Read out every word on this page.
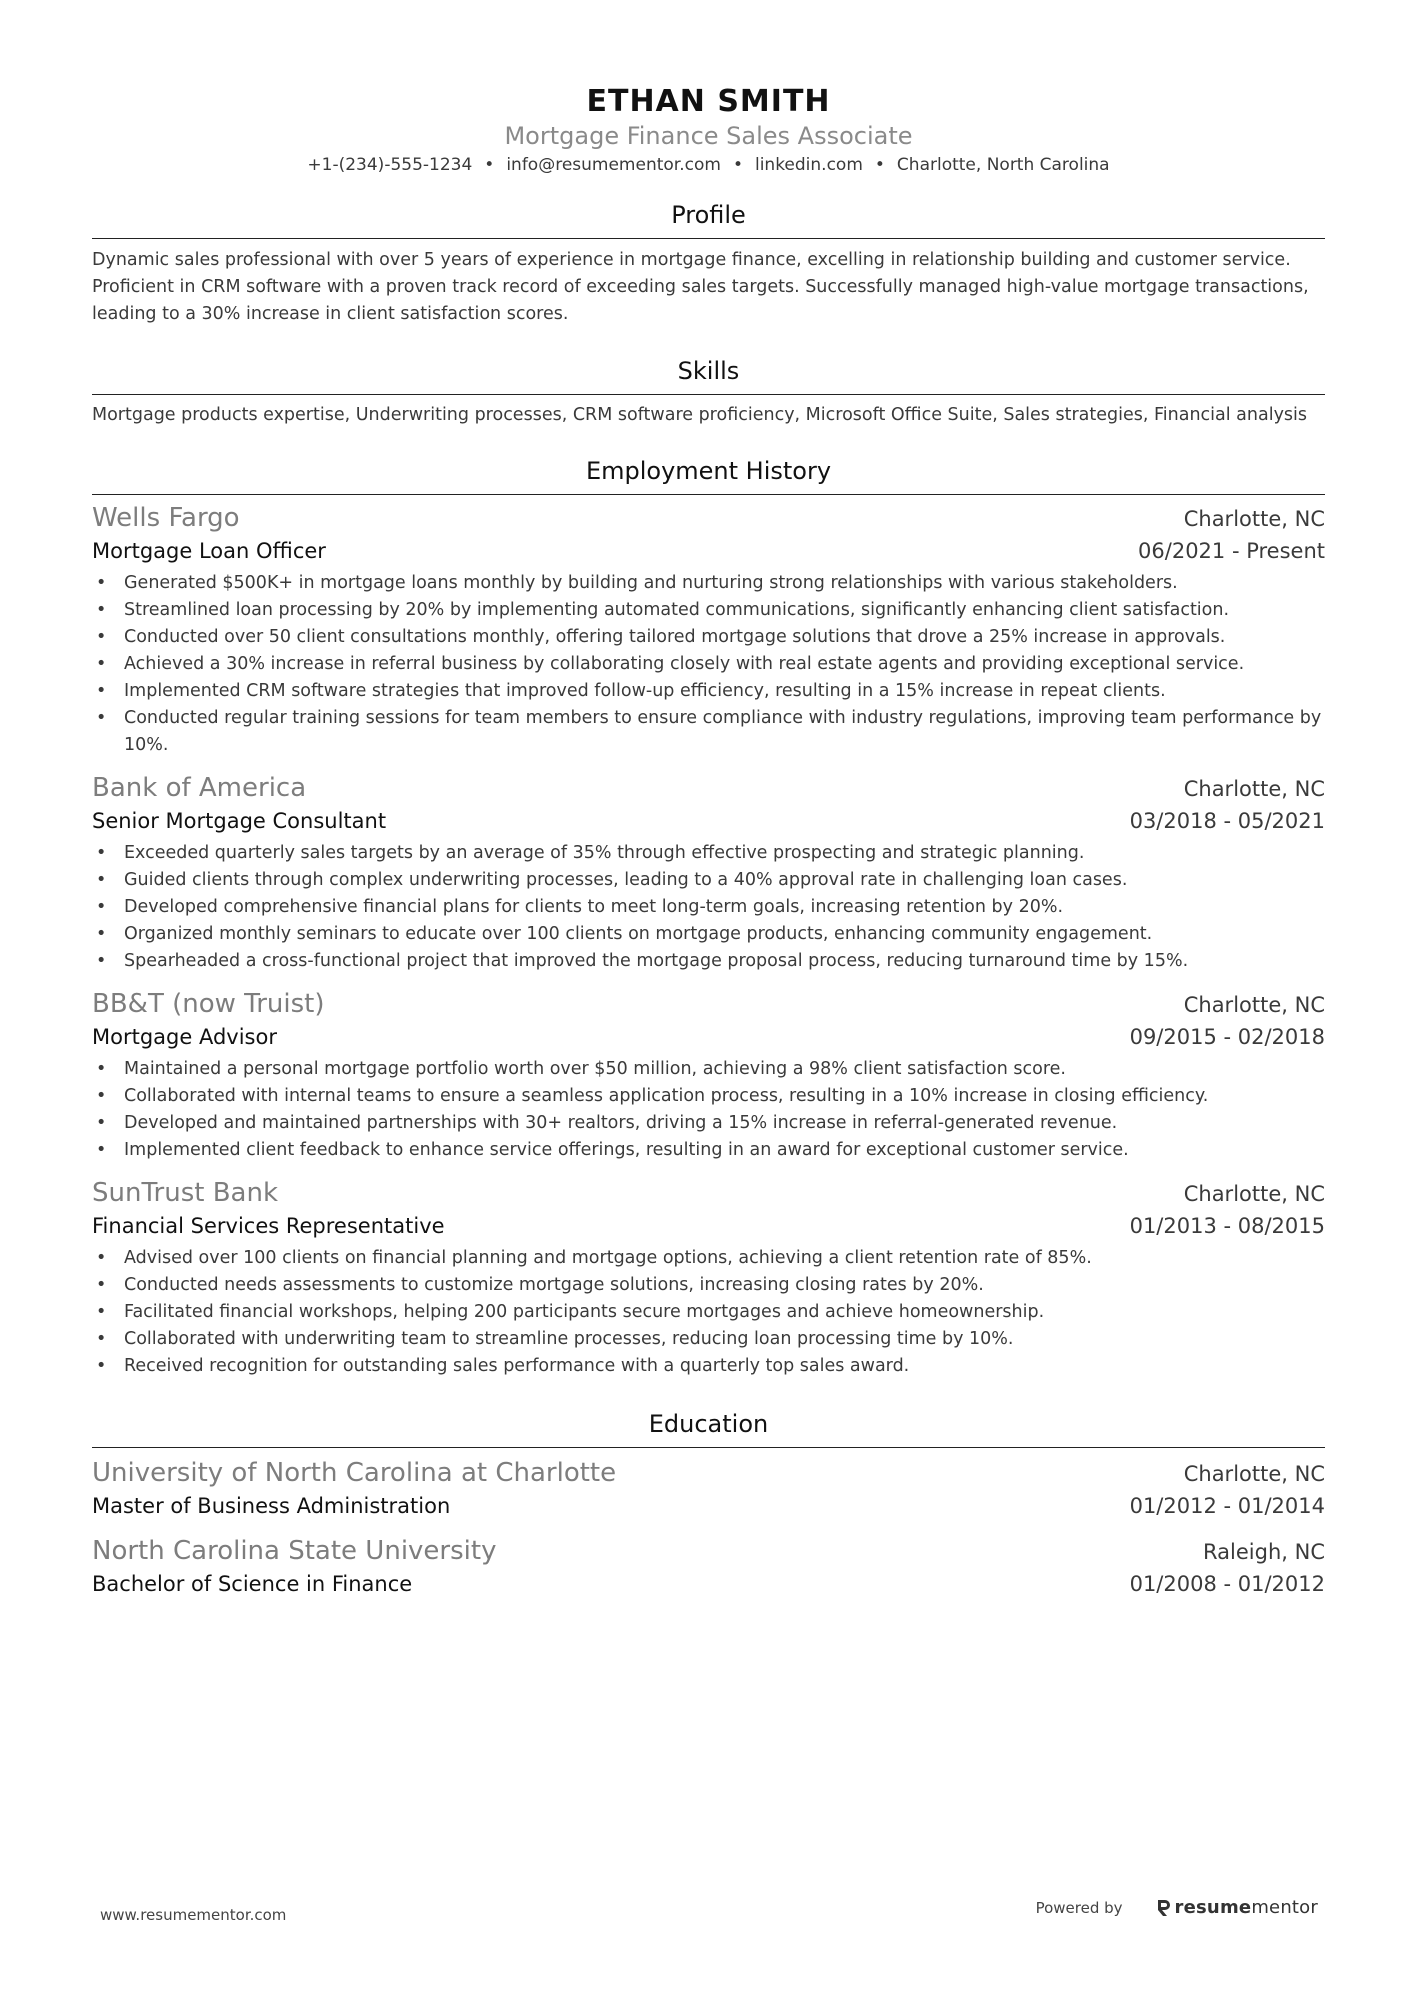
ETHAN SMITH
Mortgage Finance Sales Associate
+1-(234)-555-1234 • info@resumementor.com • linkedin.com • Charlotte, North Carolina
Profile
Dynamic sales professional with over 5 years of experience in mortgage finance, excelling in relationship building and customer service. Proficient in CRM software with a proven track record of exceeding sales targets. Successfully managed high-value mortgage transactions, leading to a 30% increase in client satisfaction scores.
Skills
Mortgage products expertise, Underwriting processes, CRM software proficiency, Microsoft Office Suite, Sales strategies, Financial analysis
Employment History
Wells Fargo	Charlotte, NC
Mortgage Loan Officer	06/2021 - Present
• Generated $500K+ in mortgage loans monthly by building and nurturing strong relationships with various stakeholders.
• Streamlined loan processing by 20% by implementing automated communications, significantly enhancing client satisfaction.
• Conducted over 50 client consultations monthly, offering tailored mortgage solutions that drove a 25% increase in approvals.
• Achieved a 30% increase in referral business by collaborating closely with real estate agents and providing exceptional service.
• Implemented CRM software strategies that improved follow-up efficiency, resulting in a 15% increase in repeat clients.
• Conducted regular training sessions for team members to ensure compliance with industry regulations, improving team performance by 10%.
Bank of America	Charlotte, NC
Senior Mortgage Consultant	03/2018 - 05/2021
• Exceeded quarterly sales targets by an average of 35% through effective prospecting and strategic planning.
• Guided clients through complex underwriting processes, leading to a 40% approval rate in challenging loan cases.
• Developed comprehensive financial plans for clients to meet long-term goals, increasing retention by 20%.
• Organized monthly seminars to educate over 100 clients on mortgage products, enhancing community engagement.
• Spearheaded a cross-functional project that improved the mortgage proposal process, reducing turnaround time by 15%.
BB&T (now Truist)	Charlotte, NC
Mortgage Advisor	09/2015 - 02/2018
• Maintained a personal mortgage portfolio worth over $50 million, achieving a 98% client satisfaction score.
• Collaborated with internal teams to ensure a seamless application process, resulting in a 10% increase in closing efficiency.
• Developed and maintained partnerships with 30+ realtors, driving a 15% increase in referral-generated revenue.
• Implemented client feedback to enhance service offerings, resulting in an award for exceptional customer service.
SunTrust Bank	Charlotte, NC
Financial Services Representative	01/2013 - 08/2015
• Advised over 100 clients on financial planning and mortgage options, achieving a client retention rate of 85%.
• Conducted needs assessments to customize mortgage solutions, increasing closing rates by 20%.
• Facilitated financial workshops, helping 200 participants secure mortgages and achieve homeownership.
• Collaborated with underwriting team to streamline processes, reducing loan processing time by 10%.
• Received recognition for outstanding sales performance with a quarterly top sales award.
Education
University of North Carolina at Charlotte	Charlotte, NC
Master of Business Administration	01/2012 - 01/2014
North Carolina State University	Raleigh, NC
Bachelor of Science in Finance	01/2008 - 01/2012
www.resumementor.com	Powered by	resumementor
